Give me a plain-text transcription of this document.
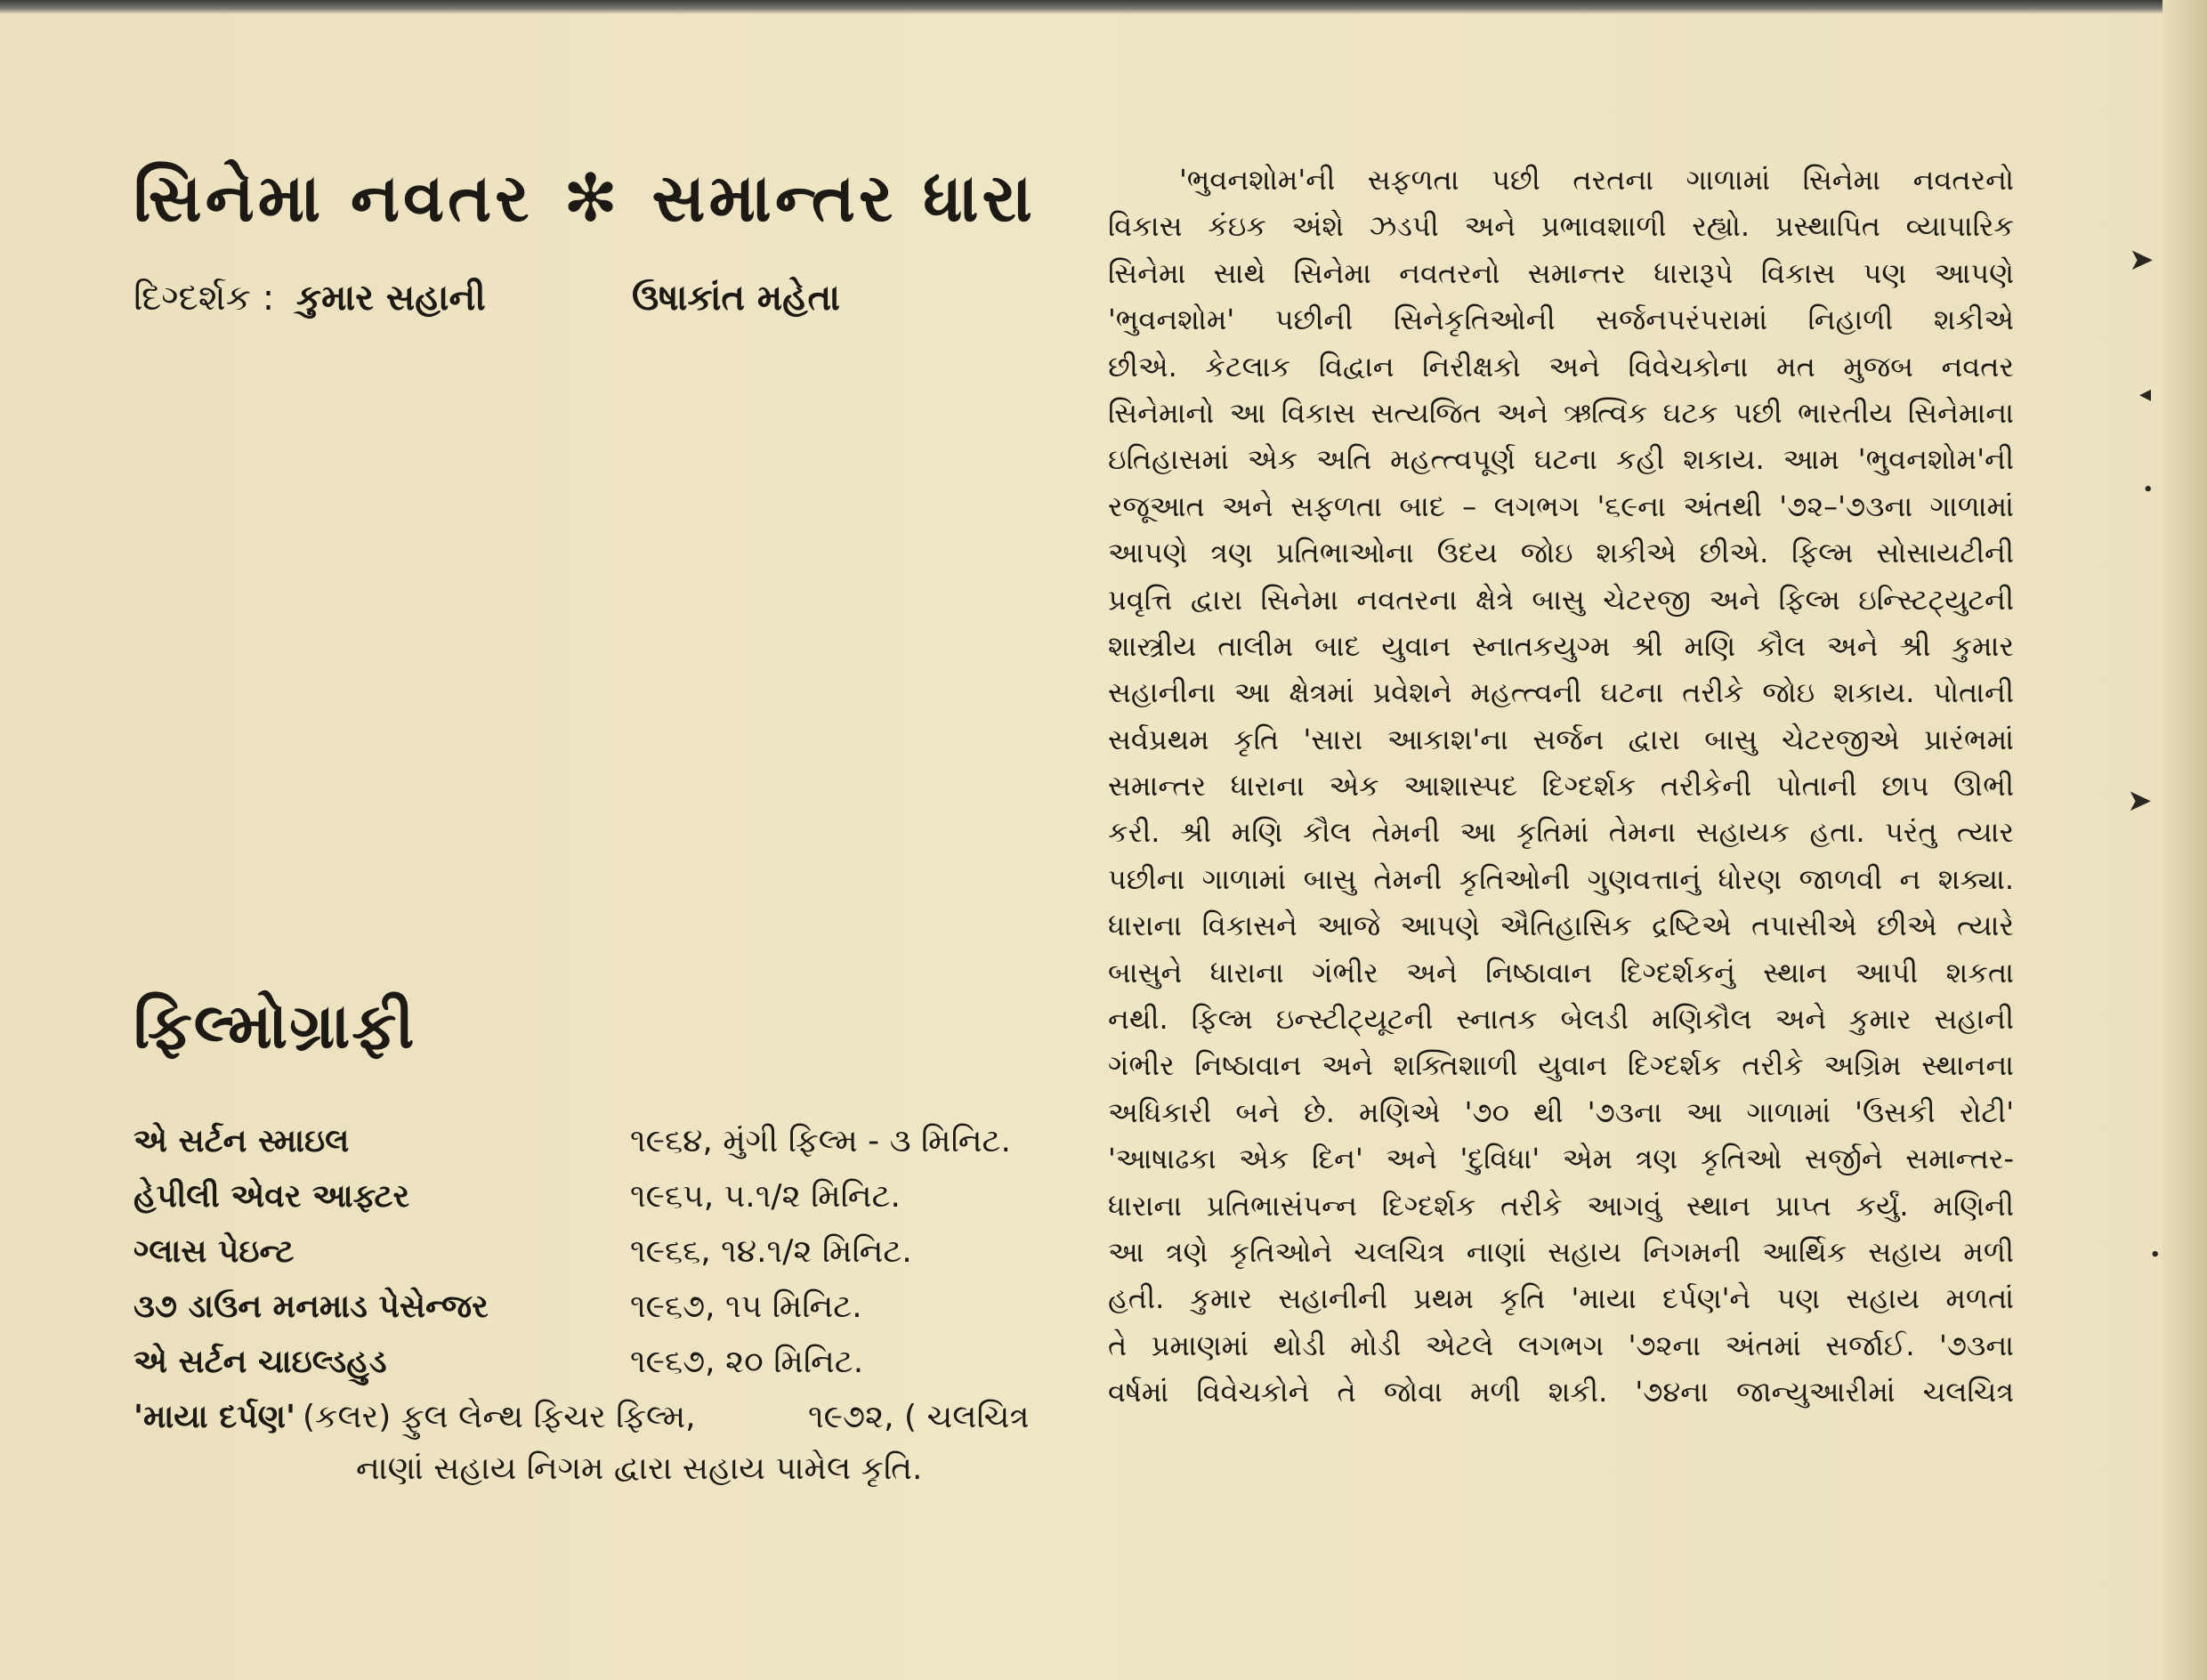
સિનેમા નવતર ✻ સમાન્તર ધારા
દિગ્દર્શક : કુમાર સહાની	ઉષાકાંત મહેતા
ફિલ્મોગ્રાફી
એ સર્ટન સ્માઇલ	૧૯૬૪, મુંગી ફિલ્મ - ૩ મિનિટ.
હેપીલી એવર આફ્ટર	૧૯૬૫, ૫.૧/૨ મિનિટ.
ગ્લાસ પેઇન્ટ	૧૯૬૬, ૧૪.૧/૨ મિનિટ.
૩૭ ડાઉન મનમાડ પેસેન્જર	૧૯૬૭, ૧૫ મિનિટ.
એ સર્ટન ચાઇલ્ડહુડ	૧૯૬૭, ૨૦ મિનિટ.
'માયા દર્પણ' (કલર) ફુલ લેન્થ ફિચર ફિલ્મ,	૧૯૭૨, ( ચલચિત્ર
નાણાં સહાય નિગમ દ્વારા સહાય પામેલ કૃતિ.
'ભુવનશોમ'ની સફળતા પછી તરતના ગાળામાં સિનેમા નવતરનો
વિકાસ કંઇક અંશે ઝડપી અને પ્રભાવશાળી રહ્યો. પ્રસ્થાપિત વ્યાપારિક
સિનેમા સાથે સિનેમા નવતરનો સમાન્તર ધારારૂપે વિકાસ પણ આપણે
'ભુવનશોમ' પછીની સિનેકૃતિઓની સર્જનપરંપરામાં નિહાળી શકીએ
છીએ. કેટલાક વિદ્વાન નિરીક્ષકો અને વિવેચકોના મત મુજબ નવતર
સિનેમાનો આ વિકાસ સત્યજિત અને ઋત્વિક ઘટક પછી ભારતીય સિનેમાના
ઇતિહાસમાં એક અતિ મહત્ત્વપૂર્ણ ઘટના કહી શકાય. આમ 'ભુવનશોમ'ની
રજૂઆત અને સફળતા બાદ – લગભગ '૬૯ના અંતથી '૭૨–'૭૩ના ગાળામાં
આપણે ત્રણ પ્રતિભાઓના ઉદય જોઇ શકીએ છીએ. ફિલ્મ સોસાયટીની
પ્રવૃત્તિ દ્વારા સિનેમા નવતરના ક્ષેત્રે બાસુ ચેટરજી અને ફિલ્મ ઇન્સ્ટિટ્યુટની
શાસ્ત્રીય તાલીમ બાદ યુવાન સ્નાતકયુગ્મ શ્રી મણિ કૌલ અને શ્રી કુમાર
સહાનીના આ ક્ષેત્રમાં પ્રવેશને મહત્ત્વની ઘટના તરીકે જોઇ શકાય. પોતાની
સર્વપ્રથમ કૃતિ 'સારા આકાશ'ના સર્જન દ્વારા બાસુ ચેટરજીએ પ્રારંભમાં
સમાન્તર ધારાના એક આશાસ્પદ દિગ્દર્શક તરીકેની પોતાની છાપ ઊભી
કરી. શ્રી મણિ કૌલ તેમની આ કૃતિમાં તેમના સહાયક હતા. પરંતુ ત્યાર
પછીના ગાળામાં બાસુ તેમની કૃતિઓની ગુણવત્તાનું ધોરણ જાળવી ન શક્યા.
ધારાના વિકાસને આજે આપણે ઐતિહાસિક દ્રષ્ટિએ તપાસીએ છીએ ત્યારે
બાસુને ધારાના ગંભીર અને નિષ્ઠાવાન દિગ્દર્શકનું સ્થાન આપી શકતા
નથી. ફિલ્મ ઇન્સ્ટીટ્યૂટની સ્નાતક બેલડી મણિકૌલ અને કુમાર સહાની
ગંભીર નિષ્ઠાવાન અને શક્તિશાળી યુવાન દિગ્દર્શક તરીકે અગ્રિમ સ્થાનના
અધિકારી બને છે. મણિએ '૭૦ થી '૭૩ના આ ગાળામાં 'ઉસકી રોટી'
'આષાઢકા એક દિન' અને 'દુવિધા' એમ ત્રણ કૃતિઓ સર્જીને સમાન્તર-
ધારાના પ્રતિભાસંપન્ન દિગ્દર્શક તરીકે આગવું સ્થાન પ્રાપ્ત કર્યું. મણિની
આ ત્રણે કૃતિઓને ચલચિત્ર નાણાં સહાય નિગમની આર્થિક સહાય મળી
હતી. કુમાર સહાનીની પ્રથમ કૃતિ 'માયા દર્પણ'ને પણ સહાય મળતાં
તે પ્રમાણમાં થોડી મોડી એટલે લગભગ '૭૨ના અંતમાં સર્જાઈ. '૭૩ના
વર્ષમાં વિવેચકોને તે જોવા મળી શકી. '૭૪ના જાન્યુઆરીમાં ચલચિત્ર
➤
◂
•
➤
•
